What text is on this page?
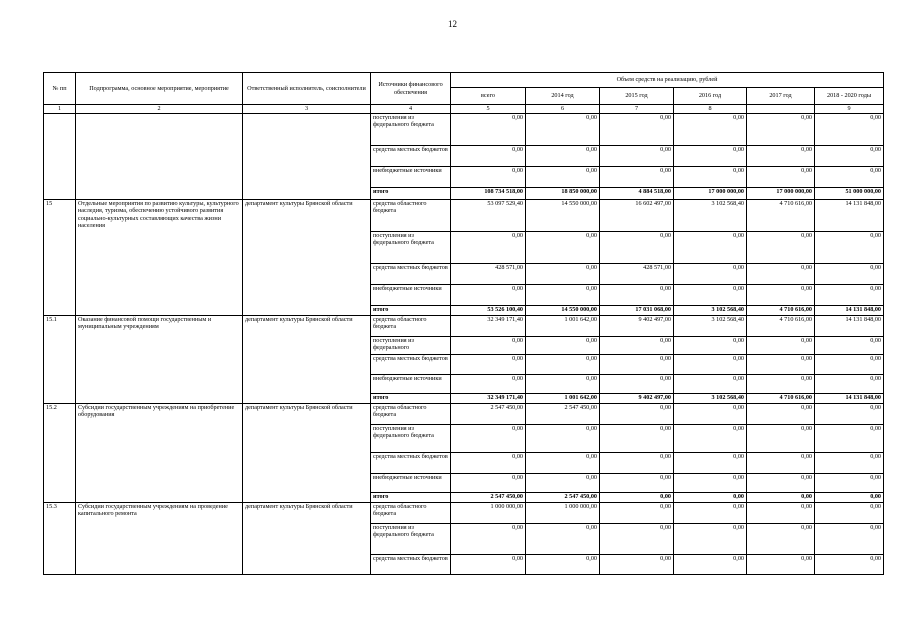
12
№ пп	Подпрограмма, основное мероприятие, мероприятие	Ответственный исполнитель, соисполнители	Источники финансового обеспечения	Объем средств на реализацию, рублей					
				всего	2014 год	2015 год	2016 год	2017 год	2018 - 2020 годы
1	2	3	4	5	6	7	8		9
			поступления из федерального бюджета	0,00	0,00	0,00	0,00	0,00	0,00
			средства местных бюджетов	0,00	0,00	0,00	0,00	0,00	0,00
			внебюджетные источники	0,00	0,00	0,00	0,00	0,00	0,00
			итого	108 734 518,00	18 850 000,00	4 884 518,00	17 000 000,00	17 000 000,00	51 000 000,00
15	Отдельные мероприятия по развитию культуры, культурного наследия, туризма, обеспечению устойчивого развития социально-культурных составляющих качества жизни населения	департамент культуры Брянской области	средства областного бюджета	53 097 529,40	14 550 000,00	16 602 497,00	3 102 568,40	4 710 616,00	14 131 848,00
			поступления из федерального бюджета	0,00	0,00	0,00	0,00	0,00	0,00
			средства местных бюджетов	428 571,00	0,00	428 571,00	0,00	0,00	0,00
			внебюджетные источники	0,00	0,00	0,00	0,00	0,00	0,00
			итого	53 526 100,40	14 550 000,00	17 031 068,00	3 102 568,40	4 710 616,00	14 131 848,00
15.1	Оказание финансовой помощи государственным и муниципальным учреждениям	департамент культуры Брянской области	средства областного бюджета	32 349 171,40	1 001 642,00	9 402 497,00	3 102 568,40	4 710 616,00	14 131 848,00
			поступления из федерального	0,00	0,00	0,00	0,00	0,00	0,00
			средства местных бюджетов	0,00	0,00	0,00	0,00	0,00	0,00
			внебюджетные источники	0,00	0,00	0,00	0,00	0,00	0,00
			итого	32 349 171,40	1 001 642,00	9 402 497,00	3 102 568,40	4 710 616,00	14 131 848,00
15.2	Субсидии государственным учреждениям на приобретение оборудования	департамент культуры Брянской области	средства областного бюджета	2 547 450,00	2 547 450,00	0,00	0,00	0,00	0,00
			поступления из федерального бюджета	0,00	0,00	0,00	0,00	0,00	0,00
			средства местных бюджетов	0,00	0,00	0,00	0,00	0,00	0,00
			внебюджетные источники	0,00	0,00	0,00	0,00	0,00	0,00
			итого	2 547 450,00	2 547 450,00	0,00	0,00	0,00	0,00
15.3	Субсидии государственным учреждениям на проведение капитального ремонта	департамент культуры Брянской области	средства областного бюджета	1 000 000,00	1 000 000,00	0,00	0,00	0,00	0,00
			поступления из федерального бюджета	0,00	0,00	0,00	0,00	0,00	0,00
			средства местных бюджетов	0,00	0,00	0,00	0,00	0,00	0,00
